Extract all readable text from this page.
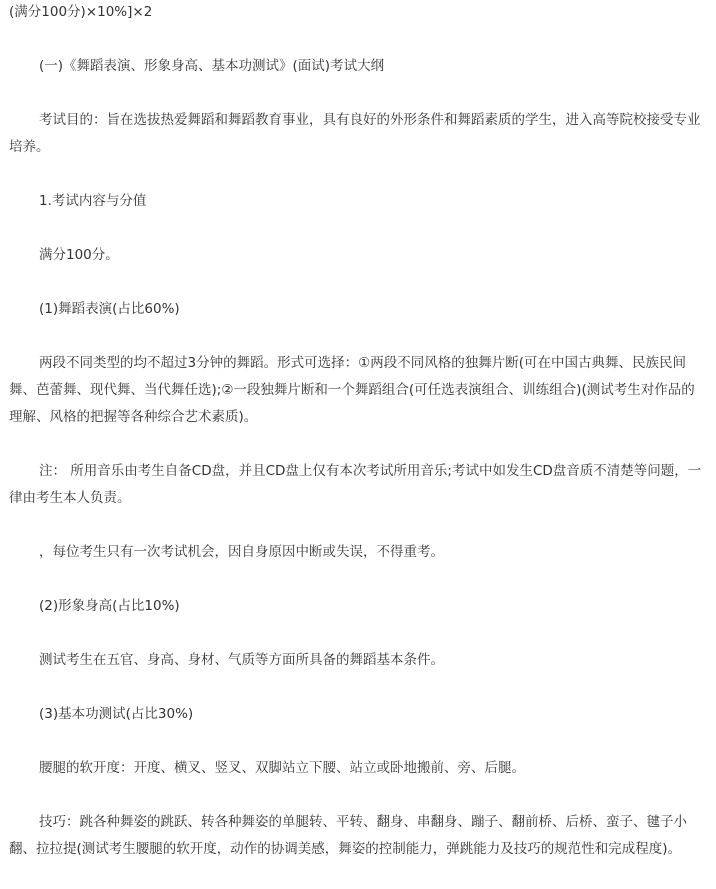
(满分100分)×10%]×2

(一)《舞蹈表演、形象身高、基本功测试》(面试)考试大纲

考试目的：旨在选拔热爱舞蹈和舞蹈教育事业，具有良好的外形条件和舞蹈素质的学生，进入高等院校接受专业培养。

1.考试内容与分值

满分100分。

(1)舞蹈表演(占比60%)

两段不同类型的均不超过3分钟的舞蹈。形式可选择：①两段不同风格的独舞片断(可在中国古典舞、民族民间舞、芭蕾舞、现代舞、当代舞任选);②一段独舞片断和一个舞蹈组合(可任选表演组合、训练组合)(测试考生对作品的理解、风格的把握等各种综合艺术素质)。

注： 所用音乐由考生自备CD盘，并且CD盘上仅有本次考试所用音乐;考试中如发生CD盘音质不清楚等问题，一律由考生本人负责。

，每位考生只有一次考试机会，因自身原因中断或失误，不得重考。

(2)形象身高(占比10%)

测试考生在五官、身高、身材、气质等方面所具备的舞蹈基本条件。

(3)基本功测试(占比30%)

腰腿的软开度：开度、横叉、竖叉、双脚站立下腰、站立或卧地搬前、旁、后腿。

技巧：跳各种舞姿的跳跃、转各种舞姿的单腿转、平转、翻身、串翻身、蹦子、翻前桥、后桥、蛮子、毽子小翻、拉拉提(测试考生腰腿的软开度，动作的协调美感，舞姿的控制能力，弹跳能力及技巧的规范性和完成程度)。
